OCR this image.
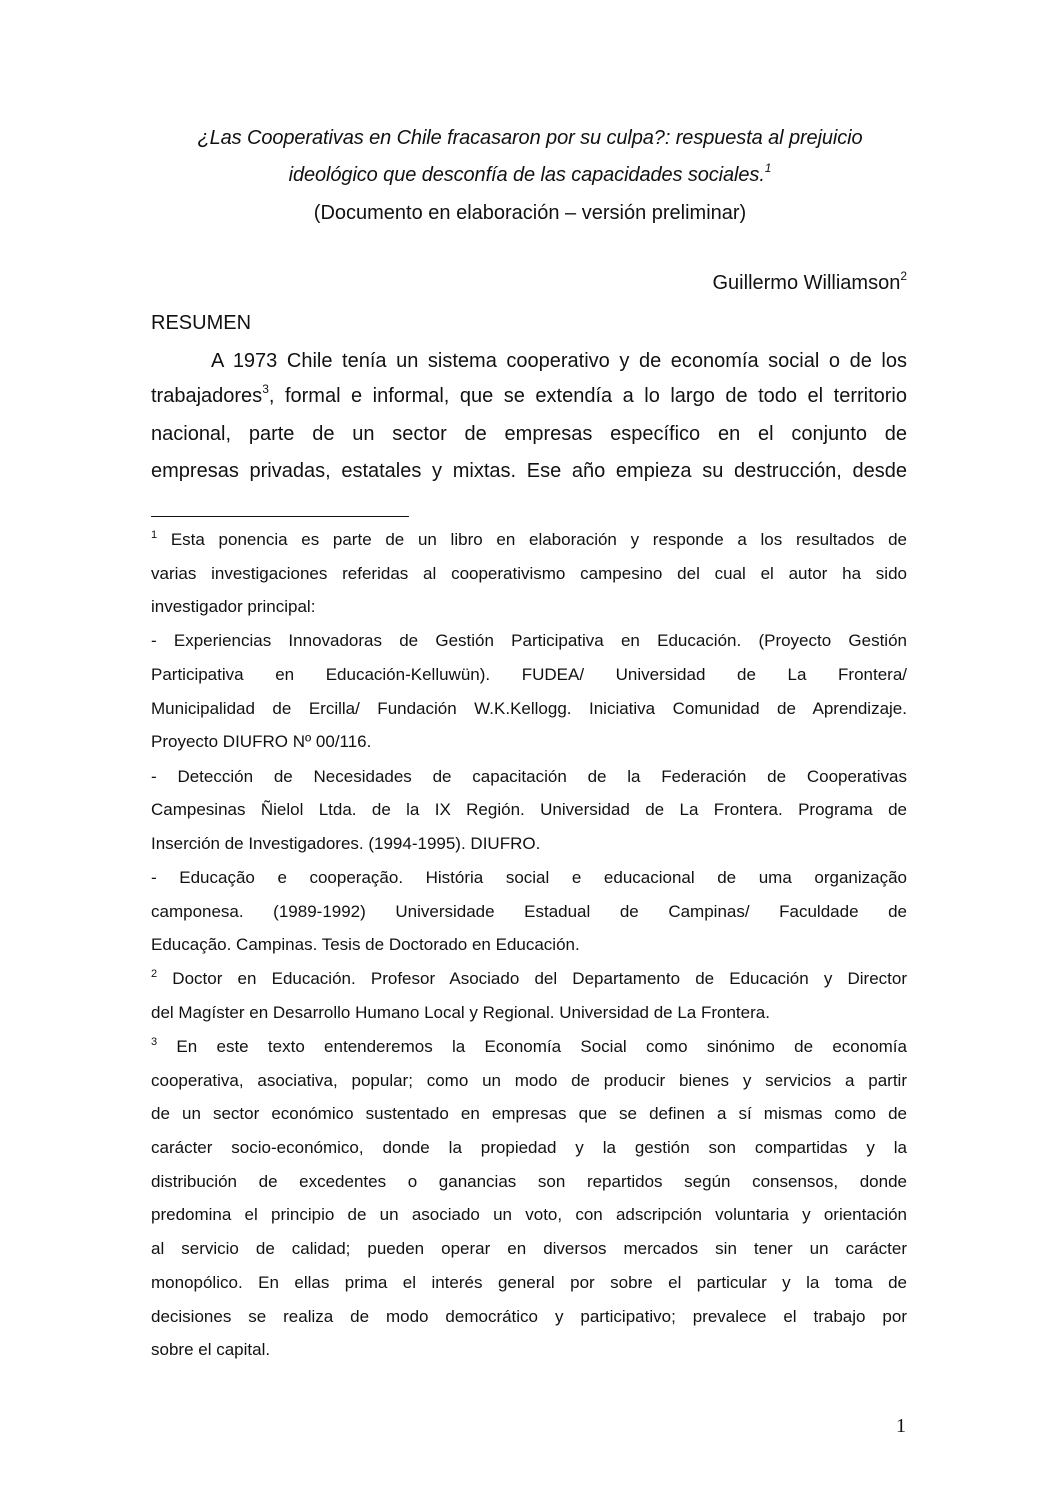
¿Las Cooperativas en Chile fracasaron por su culpa?: respuesta al prejuicio
ideológico que desconfía de las capacidades sociales.$^1$
(Documento en elaboración – versión preliminar)
Guillermo Williamson$^2$
RESUMEN
A 1973 Chile tenía un sistema cooperativo y de economía social o de los
trabajadores$^3$, formal e informal, que se extendía a lo largo de todo el territorio
nacional, parte de un sector de empresas específico en el conjunto de
empresas privadas, estatales y mixtas. Ese año empieza su destrucción, desde
$^1$ Esta ponencia es parte de un libro en elaboración y responde a los resultados de
varias investigaciones referidas al cooperativismo campesino del cual el autor ha sido
investigador principal:
- Experiencias Innovadoras de Gestión Participativa en Educación. (Proyecto Gestión
Participativa en Educación-Kelluwün). FUDEA/ Universidad de La Frontera/
Municipalidad de Ercilla/ Fundación W.K.Kellogg. Iniciativa Comunidad de Aprendizaje.
Proyecto DIUFRO Nº 00/116.
- Detección de Necesidades de capacitación de la Federación de Cooperativas
Campesinas Ñielol Ltda. de la IX Región. Universidad de La Frontera. Programa de
Inserción de Investigadores. (1994-1995). DIUFRO.
- Educação e cooperação. História social e educacional de uma organização
camponesa. (1989-1992) Universidade Estadual de Campinas/ Faculdade de
Educação. Campinas. Tesis de Doctorado en Educación.
$^2$ Doctor en Educación. Profesor Asociado del Departamento de Educación y Director
del Magíster en Desarrollo Humano Local y Regional. Universidad de La Frontera.
$^3$ En este texto entenderemos la Economía Social como sinónimo de economía
cooperativa, asociativa, popular; como un modo de producir bienes y servicios a partir
de un sector económico sustentado en empresas que se definen a sí mismas como de
carácter socio-económico, donde la propiedad y la gestión son compartidas y la
distribución de excedentes o ganancias son repartidos según consensos, donde
predomina el principio de un asociado un voto, con adscripción voluntaria y orientación
al servicio de calidad; pueden operar en diversos mercados sin tener un carácter
monopólico. En ellas prima el interés general por sobre el particular y la toma de
decisiones se realiza de modo democrático y participativo; prevalece el trabajo por
sobre el capital.
1
